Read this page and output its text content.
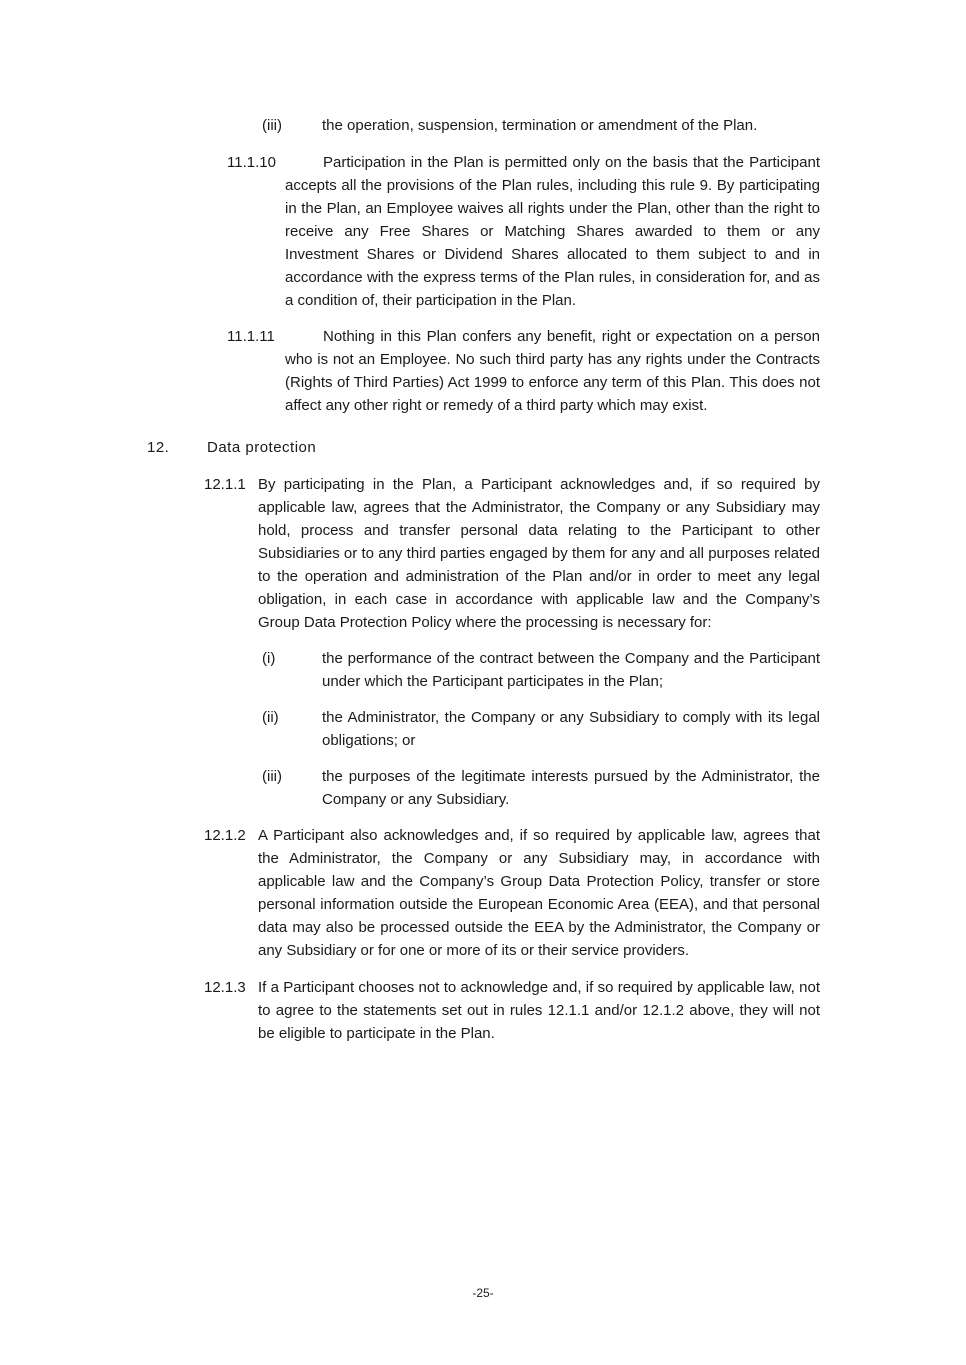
(iii)	the operation, suspension, termination or amendment of the Plan.
11.1.10	Participation in the Plan is permitted only on the basis that the Participant accepts all the provisions of the Plan rules, including this rule 9. By participating in the Plan, an Employee waives all rights under the Plan, other than the right to receive any Free Shares or Matching Shares awarded to them or any Investment Shares or Dividend Shares allocated to them subject to and in accordance with the express terms of the Plan rules, in consideration for, and as a condition of, their participation in the Plan.
11.1.11	Nothing in this Plan confers any benefit, right or expectation on a person who is not an Employee. No such third party has any rights under the Contracts (Rights of Third Parties) Act 1999 to enforce any term of this Plan. This does not affect any other right or remedy of a third party which may exist.
12.	Data protection
12.1.1 By participating in the Plan, a Participant acknowledges and, if so required by applicable law, agrees that the Administrator, the Company or any Subsidiary may hold, process and transfer personal data relating to the Participant to other Subsidiaries or to any third parties engaged by them for any and all purposes related to the operation and administration of the Plan and/or in order to meet any legal obligation, in each case in accordance with applicable law and the Company’s Group Data Protection Policy where the processing is necessary for:
(i)	the performance of the contract between the Company and the Participant under which the Participant participates in the Plan;
(ii)	the Administrator, the Company or any Subsidiary to comply with its legal obligations; or
(iii)	the purposes of the legitimate interests pursued by the Administrator, the Company or any Subsidiary.
12.1.2 A Participant also acknowledges and, if so required by applicable law, agrees that the Administrator, the Company or any Subsidiary may, in accordance with applicable law and the Company’s Group Data Protection Policy, transfer or store personal information outside the European Economic Area (EEA), and that personal data may also be processed outside the EEA by the Administrator, the Company or any Subsidiary or for one or more of its or their service providers.
12.1.3 If a Participant chooses not to acknowledge and, if so required by applicable law, not to agree to the statements set out in rules 12.1.1 and/or 12.1.2 above, they will not be eligible to participate in the Plan.
-25-
